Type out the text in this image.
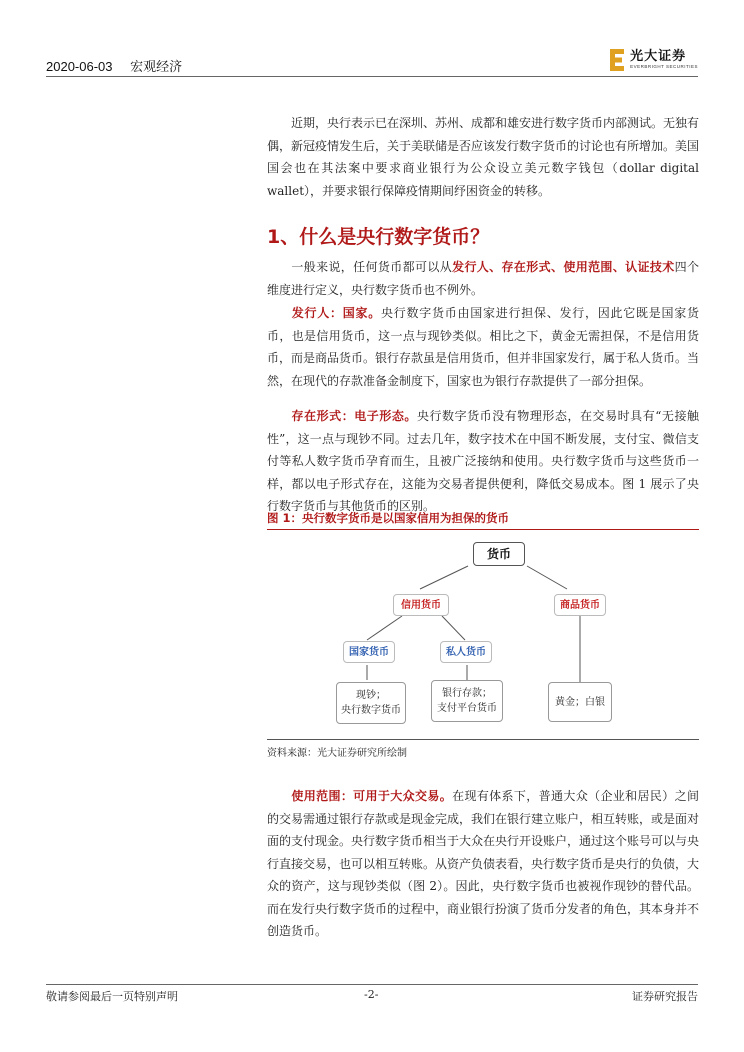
2020-06-03 宏观经济
光大证券
EVERBRIGHT SECURITIES
近期，央行表示已在深圳、苏州、成都和雄安进行数字货币内部测试。无独有偶，新冠疫情发生后，关于美联储是否应该发行数字货币的讨论也有所增加。美国国会也在其法案中要求商业银行为公众设立美元数字钱包（dollar digital wallet），并要求银行保障疫情期间纾困资金的转移。
1、什么是央行数字货币？
一般来说，任何货币都可以从发行人、存在形式、使用范围、认证技术四个维度进行定义，央行数字货币也不例外。
发行人：国家。央行数字货币由国家进行担保、发行，因此它既是国家货币，也是信用货币，这一点与现钞类似。相比之下，黄金无需担保，不是信用货币，而是商品货币。银行存款虽是信用货币，但并非国家发行，属于私人货币。当然，在现代的存款准备金制度下，国家也为银行存款提供了一部分担保。
存在形式：电子形态。央行数字货币没有物理形态，在交易时具有“无接触性”，这一点与现钞不同。过去几年，数字技术在中国不断发展，支付宝、微信支付等私人数字货币孕育而生，且被广泛接纳和使用。央行数字货币与这些货币一样，都以电子形式存在，这能为交易者提供便利，降低交易成本。图 1 展示了央行数字货币与其他货币的区别。
图 1：央行数字货币是以国家信用为担保的货币
货币
信用货币	商品货币
国家货币	私人货币
现钞；
央行数字货币
银行存款；
支付平台货币
黄金；白银
资料来源：光大证券研究所绘制
使用范围：可用于大众交易。在现有体系下，普通大众（企业和居民）之间的交易需通过银行存款或是现金完成，我们在银行建立账户，相互转账，或是面对面的支付现金。央行数字货币相当于大众在央行开设账户，通过这个账号可以与央行直接交易，也可以相互转账。从资产负债表看，央行数字货币是央行的负债，大众的资产，这与现钞类似（图 2）。因此，央行数字货币也被视作现钞的替代品。而在发行央行数字货币的过程中，商业银行扮演了货币分发者的角色，其本身并不创造货币。
敬请参阅最后一页特别声明	-2-	证券研究报告
